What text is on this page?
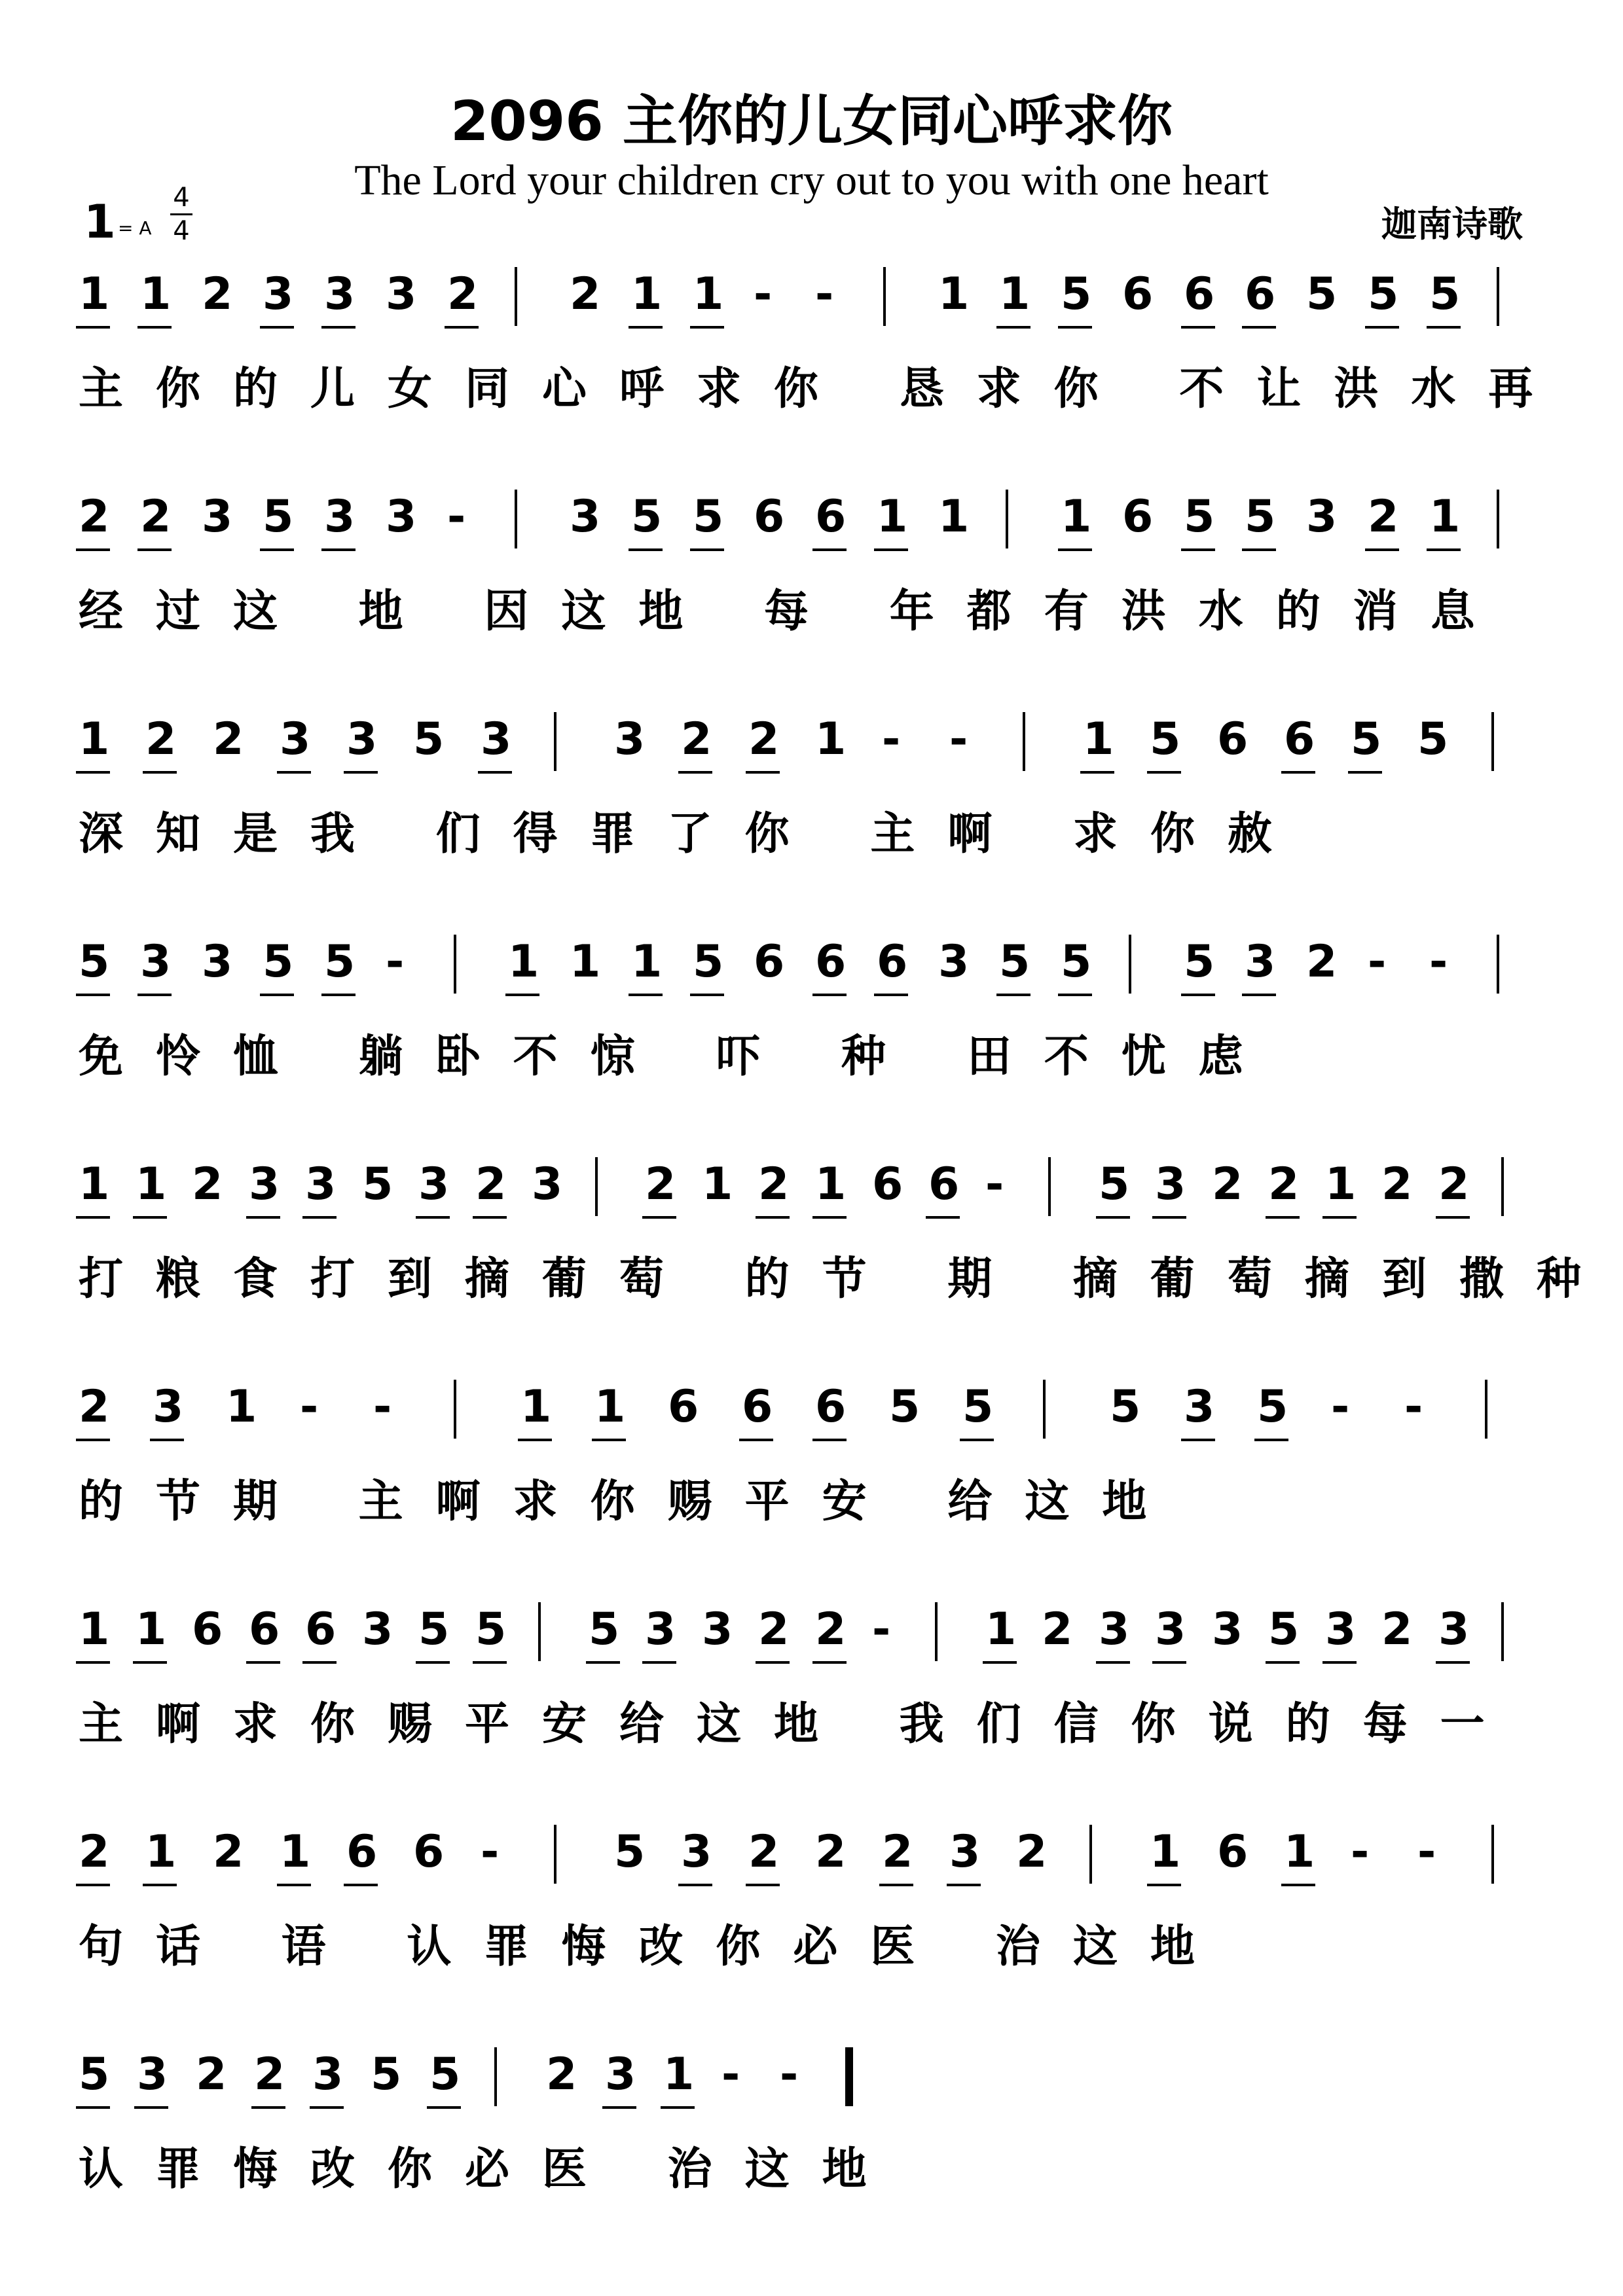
2096 主你的儿女同心呼求你
The Lord your children cry out to you with one heart
迦南诗歌
1 = A
4
4
1 1 2 3 3 3 2 2 1 1 - - 1 1 5 6 6 6 5 5 5
主你的儿女同心呼求你 恳求你 不让洪水再
2 2 3 5 3 3 - 3 5 5 6 6 1 1 1 6 5 5 3 2 1
经过这 地 因这地 每 年都有洪水的消息
1 2 2 3 3 5 3 3 2 2 1 - -	1 5 6 6 5 5
深知是我 们得罪了你 主啊 求你赦
5 3 3 5 5 - 1 1 1 5 6 6 6 3 5 5 5 3 2 - -
免怜恤 躺卧不惊 吓 种 田不忧虑
1 1 2 3 3 5 3 2 3 2 1 2 1 6 6 - 5 3 2 2 1 2 2
打粮食打到摘葡萄 的节 期 摘葡萄摘到撒种
2 3 1 - -	1 1 6 6 6 5 5	5 3 5 - -
的节期 主啊求你赐平安 给这地
1 1 6 6 6 3 5 5 5 3 3 2 2 - 1 2 3 3 3 5 3 2 3
主啊求你赐平安给这地 我们信你说的每一
2 1 2 1 6 6 -	5 3 2 2 2 3 2 1 6 1 - -
句话 语 认罪悔改你必医 治这地
5 3 2 2 3 5 5 2 3 1 - -
认罪悔改你必医 治这地
